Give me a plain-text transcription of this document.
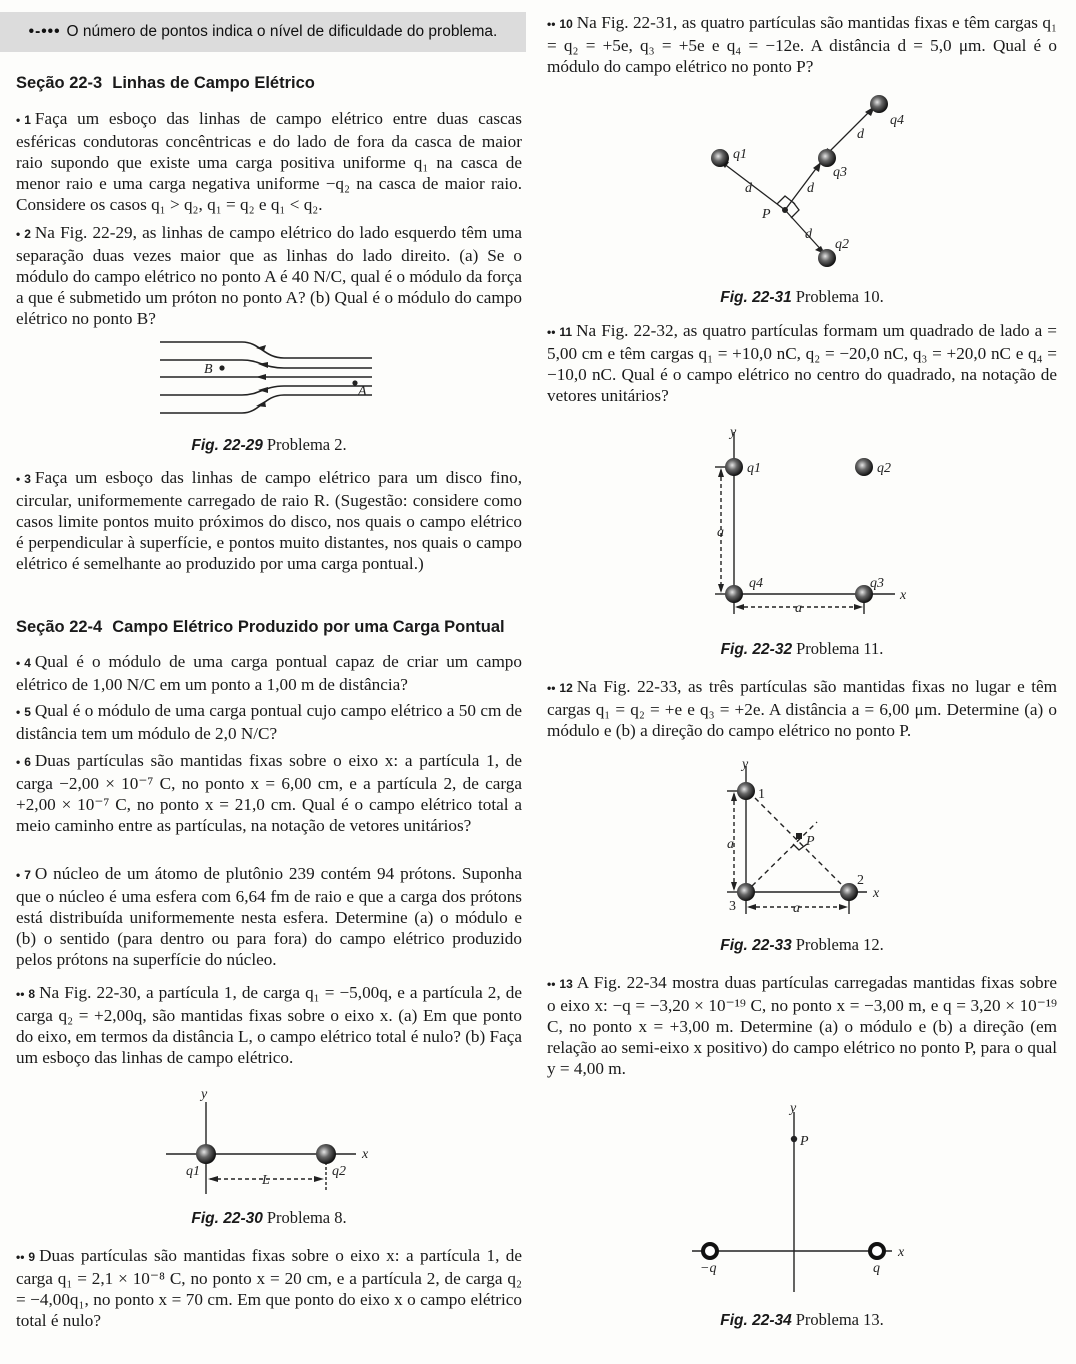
•-••• O número de pontos indica o nível de dificuldade do problema.
Seção 22-3 Linhas de Campo Elétrico
• 1 Faça um esboço das linhas de campo elétrico entre duas cascas esféricas condutoras concêntricas e do lado de fora da casca de maior raio supondo que existe uma carga positiva uniforme q₁ na casca de menor raio e uma carga negativa uniforme −q₂ na casca de maior raio. Considere os casos q₁ > q₂, q₁ = q₂ e q₁ < q₂.
• 2 Na Fig. 22-29, as linhas de campo elétrico do lado esquerdo têm uma separação duas vezes maior que as linhas do lado direito. (a) Se o módulo do campo elétrico no ponto A é 40 N/C, qual é o módulo da força a que é submetido um próton no ponto A? (b) Qual é o módulo do campo elétrico no ponto B?
B
A
Fig. 22-29 Problema 2.
• 3 Faça um esboço das linhas de campo elétrico para um disco fino, circular, uniformemente carregado de raio R. (Sugestão: considere como casos limite pontos muito próximos do disco, nos quais o campo elétrico é perpendicular à superfície, e pontos muito distantes, nos quais o campo elétrico é semelhante ao produzido por uma carga pontual.)
Seção 22-4 Campo Elétrico Produzido por uma Carga Pontual
• 4 Qual é o módulo de uma carga pontual capaz de criar um campo elétrico de 1,00 N/C em um ponto a 1,00 m de distância?
• 5 Qual é o módulo de uma carga pontual cujo campo elétrico a 50 cm de distância tem um módulo de 2,0 N/C?
• 6 Duas partículas são mantidas fixas sobre o eixo x: a partícula 1, de carga −2,00 × 10⁻⁷ C, no ponto x = 6,00 cm, e a partícula 2, de carga +2,00 × 10⁻⁷ C, no ponto x = 21,0 cm. Qual é o campo elétrico total a meio caminho entre as partículas, na notação de vetores unitários?
• 7 O núcleo de um átomo de plutônio 239 contém 94 prótons. Suponha que o núcleo é uma esfera com 6,64 fm de raio e que a carga dos prótons está distribuída uniformemente nesta esfera. Determine (a) o módulo e (b) o sentido (para dentro ou para fora) do campo elétrico produzido pelos prótons na superfície do núcleo.
•• 8 Na Fig. 22-30, a partícula 1, de carga q₁ = −5,00q, e a partícula 2, de carga q₂ = +2,00q, são mantidas fixas sobre o eixo x. (a) Em que ponto do eixo, em termos da distância L, o campo elétrico total é nulo? (b) Faça um esboço das linhas de campo elétrico.
y
x
q1	q2
L
Fig. 22-30 Problema 8.
•• 9 Duas partículas são mantidas fixas sobre o eixo x: a partícula 1, de carga q₁ = 2,1 × 10⁻⁸ C, no ponto x = 20 cm, e a partícula 2, de carga q₂ = −4,00q₁, no ponto x = 70 cm. Em que ponto do eixo x o campo elétrico total é nulo?
•• 10 Na Fig. 22-31, as quatro partículas são mantidas fixas e têm cargas q₁ = q₂ = +5e, q₃ = +5e e q₄ = −12e. A distância d = 5,0 μm. Qual é o módulo do campo elétrico no ponto P?
q1
q3
q4
q2
P
d	d
d
d
Fig. 22-31 Problema 10.
•• 11 Na Fig. 22-32, as quatro partículas formam um quadrado de lado a = 5,00 cm e têm cargas q₁ = +10,0 nC, q₂ = −20,0 nC, q₃ = +20,0 nC e q₄ = −10,0 nC. Qual é o campo elétrico no centro do quadrado, na notação de vetores unitários?
y
x
q1	q2
q4	q3
a
a
Fig. 22-32 Problema 11.
•• 12 Na Fig. 22-33, as três partículas são mantidas fixas no lugar e têm cargas q₁ = q₂ = +e e q₃ = +2e. A distância a = 6,00 μm. Determine (a) o módulo e (b) a direção do campo elétrico no ponto P.
y
x
1
2
3
P
a
a
Fig. 22-33 Problema 12.
•• 13 A Fig. 22-34 mostra duas partículas carregadas mantidas fixas sobre o eixo x: −q = −3,20 × 10⁻¹⁹ C, no ponto x = −3,00 m, e q = 3,20 × 10⁻¹⁹ C, no ponto x = +3,00 m. Determine (a) o módulo e (b) a direção (em relação ao semi-eixo x positivo) do campo elétrico no ponto P, para o qual y = 4,00 m.
y
x
P
−q	q
Fig. 22-34 Problema 13.
